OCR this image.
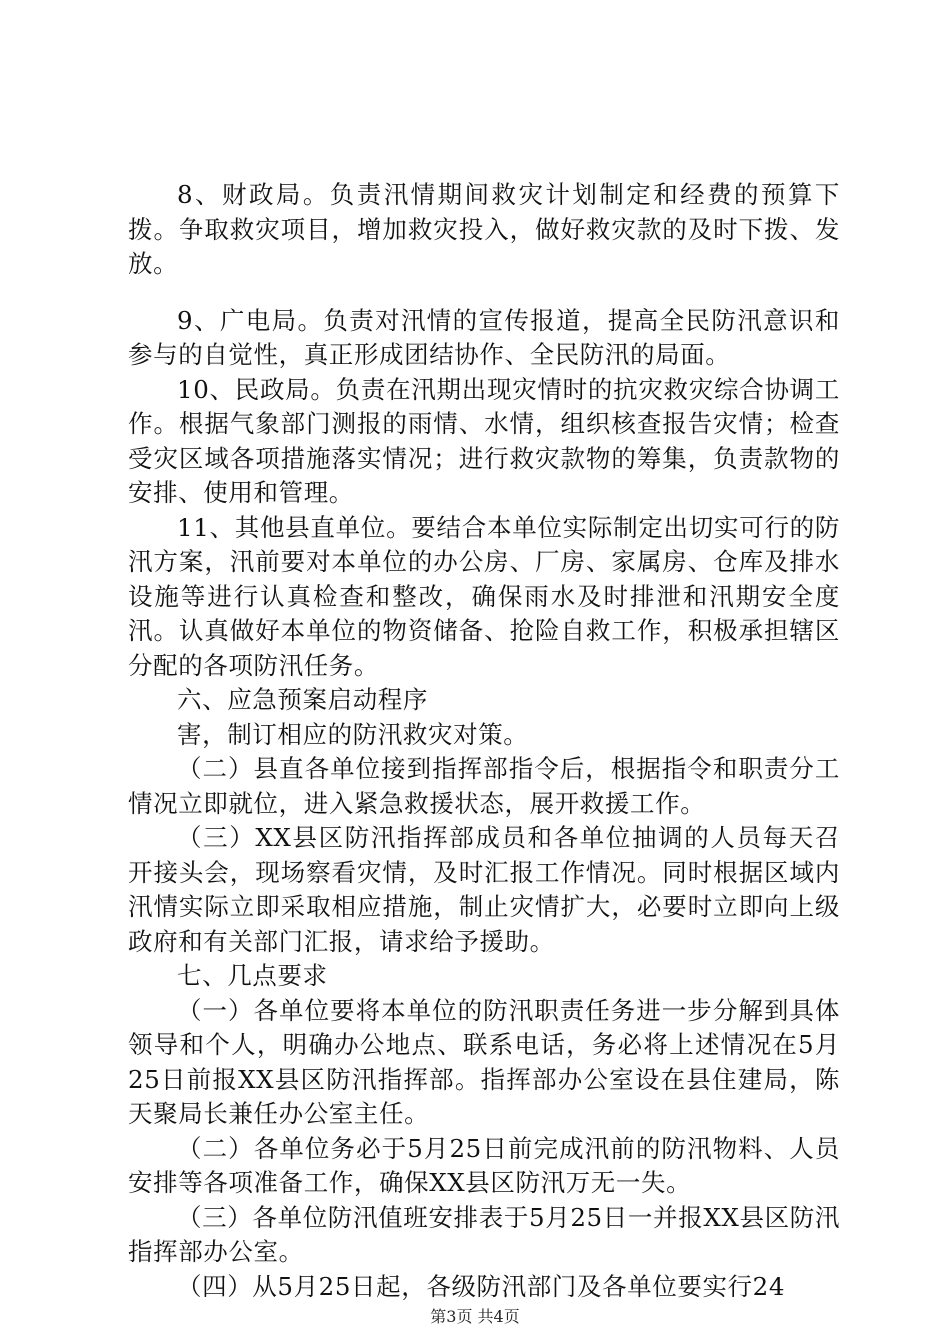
8、财政局。负责汛情期间救灾计划制定和经费的预算下拨。争取救灾项目，增加救灾投入，做好救灾款的及时下拨、发放。

9、广电局。负责对汛情的宣传报道，提高全民防汛意识和参与的自觉性，真正形成团结协作、全民防汛的局面。

10、民政局。负责在汛期出现灾情时的抗灾救灾综合协调工作。根据气象部门测报的雨情、水情，组织核查报告灾情；检查受灾区域各项措施落实情况；进行救灾款物的筹集，负责款物的安排、使用和管理。

11、其他县直单位。要结合本单位实际制定出切实可行的防汛方案，汛前要对本单位的办公房、厂房、家属房、仓库及排水设施等进行认真检查和整改，确保雨水及时排泄和汛期安全度汛。认真做好本单位的物资储备、抢险自救工作，积极承担辖区分配的各项防汛任务。

六、应急预案启动程序

害，制订相应的防汛救灾对策。

（二）县直各单位接到指挥部指令后，根据指令和职责分工情况立即就位，进入紧急救援状态，展开救援工作。

（三）XX县区防汛指挥部成员和各单位抽调的人员每天召开接头会，现场察看灾情，及时汇报工作情况。同时根据区域内汛情实际立即采取相应措施，制止灾情扩大，必要时立即向上级政府和有关部门汇报，请求给予援助。

七、几点要求

（一）各单位要将本单位的防汛职责任务进一步分解到具体领导和个人，明确办公地点、联系电话，务必将上述情况在5月25日前报XX县区防汛指挥部。指挥部办公室设在县住建局，陈天聚局长兼任办公室主任。

（二）各单位务必于5月25日前完成汛前的防汛物料、人员安排等各项准备工作，确保XX县区防汛万无一失。

（三）各单位防汛值班安排表于5月25日一并报XX县区防汛指挥部办公室。

（四）从5月25日起，各级防汛部门及各单位要实行24

第3页 共4页
